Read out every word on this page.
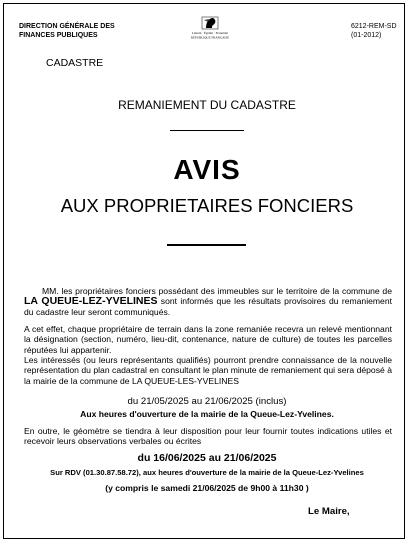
DIRECTION GÉNÉRALE DES
FINANCES PUBLIQUES	Liberté · Égalité · Fraternité
RÉPUBLIQUE FRANÇAISE
6212-REM-SD
(01-2012)
CADASTRE
REMANIEMENT DU CADASTRE
AVIS
AUX PROPRIETAIRES FONCIERS
MM. les propriétaires fonciers possédant des immeubles sur le territoire de la commune de LA QUEUE-LEZ-YVELINES sont informés que les résultats provisoires du remaniement du cadastre leur seront communiqués.
A cet effet, chaque propriétaire de terrain dans la zone remaniée recevra un relevé mentionnant la désignation (section, numéro, lieu-dit, contenance, nature de culture) de toutes les parcelles réputées lui appartenir.
Les intéressés (ou leurs représentants qualifiés) pourront prendre connaissance de la nouvelle représentation du plan cadastral en consultant le plan minute de remaniement qui sera déposé à la mairie de la commune de LA QUEUE-LES-YVELINES
du 21/05/2025 au 21/06/2025 (inclus)
Aux heures d'ouverture de la mairie de la Queue-Lez-Yvelines.
En outre, le géomètre se tiendra à leur disposition pour leur fournir toutes indications utiles et recevoir leurs observations verbales ou écrites
du 16/06/2025 au 21/06/2025
Sur RDV (01.30.87.58.72), aux heures d'ouverture de la mairie de la Queue-Lez-Yvelines
(y compris le samedi 21/06/2025 de 9h00 à 11h30 )
Le Maire,
